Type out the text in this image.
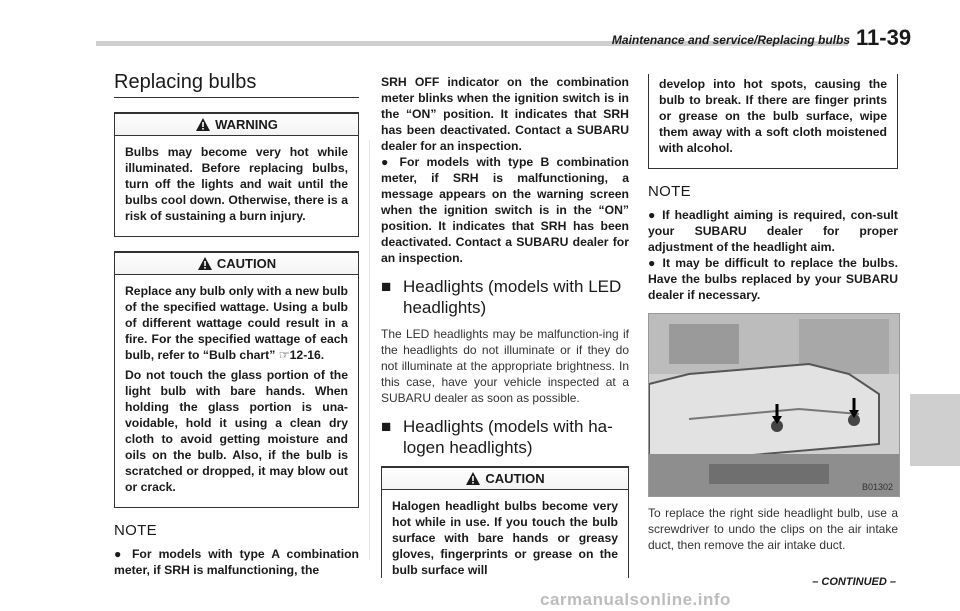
Maintenance and service/Replacing bulbs 11-39
Replacing bulbs
WARNING

Bulbs may become very hot while illuminated. Before replacing bulbs, turn off the lights and wait until the bulbs cool down. Otherwise, there is a risk of sustaining a burn injury.

CAUTION

Replace any bulb only with a new bulb of the specified wattage. Using a bulb of different wattage could result in a fire. For the specified wattage of each bulb, refer to “Bulb chart” ☞12-16.

Do not touch the glass portion of the light bulb with bare hands. When holding the glass portion is una-voidable, hold it using a clean dry cloth to avoid getting moisture and oils on the bulb. Also, if the bulb is scratched or dropped, it may blow out or crack.

NOTE

● For models with type A combination meter, if SRH is malfunctioning, the

SRH OFF indicator on the combination meter blinks when the ignition switch is in the “ON” position. It indicates that SRH has been deactivated. Contact a SUBARU dealer for an inspection.

● For models with type B combination meter, if SRH is malfunctioning, a message appears on the warning screen when the ignition switch is in the “ON” position. It indicates that SRH has been deactivated. Contact a SUBARU dealer for an inspection.

■ Headlights (models with LED headlights)

The LED headlights may be malfunction-ing if the headlights do not illuminate or if they do not illuminate at the appropriate brightness. In this case, have your vehicle inspected at a SUBARU dealer as soon as possible.

■ Headlights (models with ha-logen headlights)
CAUTION

Halogen headlight bulbs become very hot while in use. If you touch the bulb surface with bare hands or greasy gloves, fingerprints or grease on the bulb surface will

develop into hot spots, causing the bulb to break. If there are finger prints or grease on the bulb surface, wipe them away with a soft cloth moistened with alcohol.

NOTE

● If headlight aiming is required, con-sult your SUBARU dealer for proper adjustment of the headlight aim.

● It may be difficult to replace the bulbs. Have the bulbs replaced by your SUBARU dealer if necessary.

B01302

To replace the right side headlight bulb, use a screwdriver to undo the clips on the air intake duct, then remove the air intake duct.

– CONTINUED –
carmanualsonline.info
